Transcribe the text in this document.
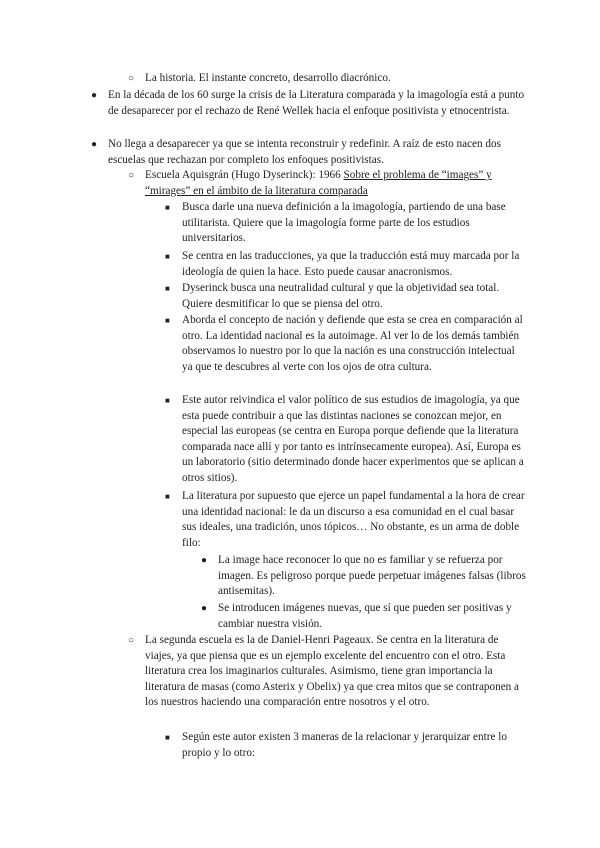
○ La historia. El instante concreto, desarrollo diacrónico.
● En la década de los 60 surge la crisis de la Literatura comparada y la imagología está a punto de desaparecer por el rechazo de René Wellek hacia el enfoque positivista y etnocentrista.
● No llega a desaparecer ya que se intenta reconstruir y redefinir. A raíz de esto nacen dos escuelas que rechazan por completo los enfoques positivistas.
○ Escuela Aquisgrán (Hugo Dyserinck): 1966 Sobre el problema de “images” y “mirages” en el ámbito de la literatura comparada
■ Busca darle una nueva definición a la imagología, partiendo de una base utilitarista. Quiere que la imagología forme parte de los estudios universitarios.
■ Se centra en las traducciones, ya que la traducción está muy marcada por la ideología de quien la hace. Esto puede causar anacronismos.
■ Dyserinck busca una neutralidad cultural y que la objetividad sea total. Quiere desmitificar lo que se piensa del otro.
■ Aborda el concepto de nación y defiende que esta se crea en comparación al otro. La identidad nacional es la autoimage. Al ver lo de los demás también observamos lo nuestro por lo que la nación es una construcción intelectual ya que te descubres al verte con los ojos de otra cultura.
■ Este autor reivindica el valor político de sus estudios de imagología, ya que esta puede contribuir a que las distintas naciones se conozcan mejor, en especial las europeas (se centra en Europa porque defiende que la literatura comparada nace allí y por tanto es intrínsecamente europea). Así, Europa es un laboratorio (sitio determinado donde hacer experimentos que se aplican a otros sitios).
■ La literatura por supuesto que ejerce un papel fundamental a la hora de crear una identidad nacional: le da un discurso a esa comunidad en el cual basar sus ideales, una tradición, unos tópicos… No obstante, es un arma de doble filo:
● La image hace reconocer lo que no es familiar y se refuerza por imagen. Es peligroso porque puede perpetuar imágenes falsas (libros antisemitas).
● Se introducen imágenes nuevas, que sí que pueden ser positivas y cambiar nuestra visión.
○ La segunda escuela es la de Daniel-Henri Pageaux. Se centra en la literatura de viajes, ya que piensa que es un ejemplo excelente del encuentro con el otro. Esta literatura crea los imaginarios culturales. Asimismo, tiene gran importancia la literatura de masas (como Asterix y Obelix) ya que crea mitos que se contraponen a los nuestros haciendo una comparación entre nosotros y el otro.
■ Según este autor existen 3 maneras de la relacionar y jerarquizar entre lo propio y lo otro:
